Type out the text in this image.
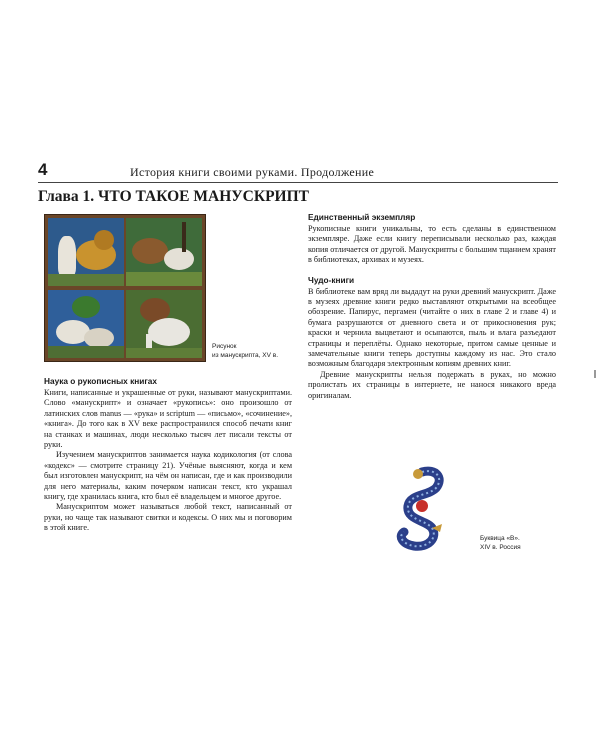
4	История книги своими руками. Продолжение
Глава 1. ЧТО ТАКОЕ МАНУСКРИПТ
Рисунок
из манускрипта, XV в.
Наука о рукописных книгах

Книги, написанные и украшенные от руки, называют манускриптами. Слово «манускрипт» и означает «рукопись»: оно произошло от латинских слов manus — «рука» и scriptum — «письмо», «сочинение», «книга». До того как в XV веке распространился способ печати книг на станках и машинах, люди несколько тысяч лет писали тексты от руки.

Изучением манускриптов занимается наука кодикология (от слова «кодекс» — смотрите страницу 21). Учёные выясняют, когда и кем был изготовлен манускрипт, на чём он написан, где и как производили для него материалы, каким почерком написан текст, кто украшал книгу, где хранилась книга, кто был её владельцем и многое другое.

Манускриптом может называться любой текст, написанный от руки, но чаще так называют свитки и кодексы. О них мы и поговорим в этой книге.

Единственный экземпляр

Рукописные книги уникальны, то есть сделаны в единственном экземпляре. Даже если книгу переписывали несколько раз, каждая копия отличается от другой. Манускрипты с большим тщанием хранят в библиотеках, архивах и музеях.

Чудо-книги

В библиотеке вам вряд ли выдадут на руки древний манускрипт. Даже в музеях древние книги редко выставляют открытыми на всеобщее обозрение. Папирус, пергамен (читайте о них в главе 2 и главе 4) и бумага разрушаются от дневного света и от прикосновения рук; краски и чернила выцветают и осыпаются, пыль и влага разъедают страницы и переплёты. Однако некоторые, притом самые ценные и замечательные книги теперь доступны каждому из нас. Это стало возможным благодаря электронным копиям древних книг.

Древние манускрипты нельзя подержать в руках, но можно пролистать их страницы в интернете, не нанося никакого вреда оригиналам.

Буквица «В».
XIV в. Россия
